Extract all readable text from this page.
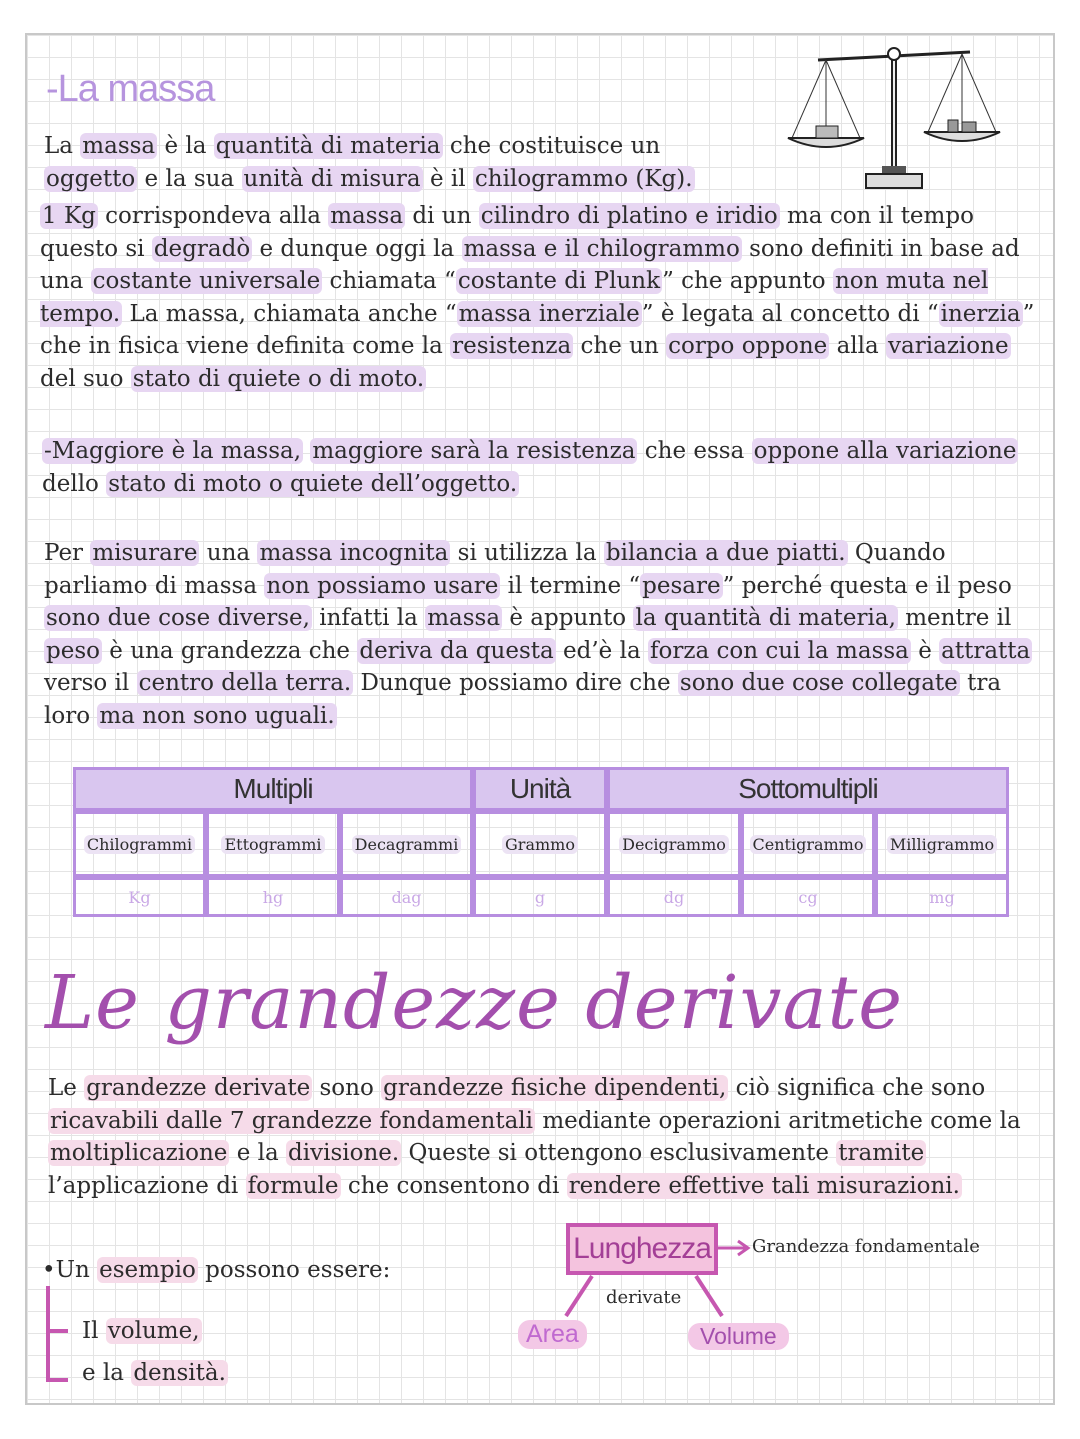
-La massa
La massa è la quantità di materia che costituisce un oggetto e la sua unità di misura è il chilogrammo (Kg).
1 Kg corrispondeva alla massa di un cilindro di platino e iridio ma con il tempo questo si degradò e dunque oggi la massa e il chilogrammo sono definiti in base ad una costante universale chiamata “costante di Plunk” che appunto non muta nel tempo. La massa, chiamata anche “massa inerziale” è legata al concetto di “inerzia” che in fisica viene definita come la resistenza che un corpo oppone alla variazione del suo stato di quiete o di moto.
-Maggiore è la massa, maggiore sarà la resistenza che essa oppone alla variazione dello stato di moto o quiete dell’oggetto.
Per misurare una massa incognita si utilizza la bilancia a due piatti. Quando parliamo di massa non possiamo usare il termine “pesare” perché questa e il peso sono due cose diverse, infatti la massa è appunto la quantità di materia, mentre il peso è una grandezza che deriva da questa ed’è la forza con cui la massa è attratta verso il centro della terra. Dunque possiamo dire che sono due cose collegate tra loro ma non sono uguali.
Multipli	Unità	Sottomultipli
Chilogrammi Ettogrammi Decagrammi	Grammo	Decigrammo Centigrammo Milligrammo
Kg	hg	dag	g	dg	cg	mg
Le grandezze derivate
Le grandezze derivate sono grandezze fisiche dipendenti, ciò significa che sono ricavabili dalle 7 grandezze fondamentali mediante operazioni aritmetiche come la moltiplicazione e la divisione. Queste si ottengono esclusivamente tramite l’applicazione di formule che consentono di rendere effettive tali misurazioni.
•Un esempio possono essere:
Il volume,
e la densità.
Lunghezza	Grandezza fondamentale
derivate
Area	Volume
